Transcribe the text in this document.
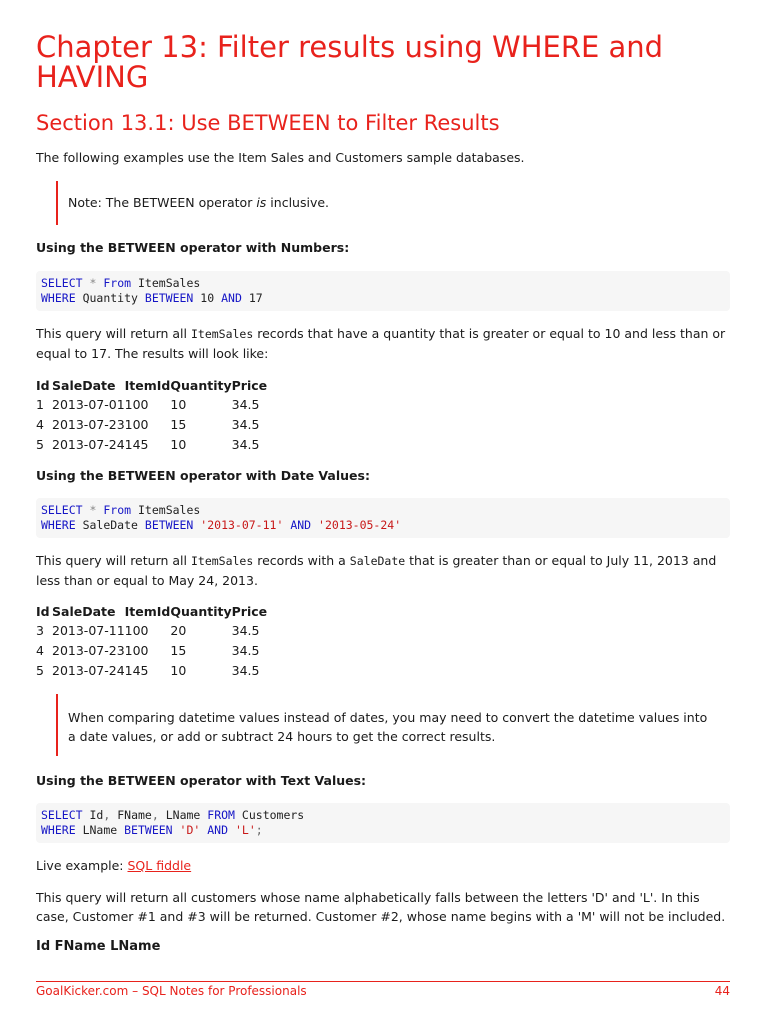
Chapter 13: Filter results using WHERE and HAVING
Section 13.1: Use BETWEEN to Filter Results

The following examples use the Item Sales and Customers sample databases.

Note: The BETWEEN operator is inclusive.

Using the BETWEEN operator with Numbers:

SELECT * From ItemSales
WHERE Quantity BETWEEN 10 AND 17

This query will return all ItemSales records that have a quantity that is greater or equal to 10 and less than or equal to 17. The results will look like:

Id	SaleDate	ItemId	Quantity	Price
1	2013-07-01	100	10	34.5
4	2013-07-23	100	15	34.5
5	2013-07-24	145	10	34.5

Using the BETWEEN operator with Date Values:

SELECT * From ItemSales
WHERE SaleDate BETWEEN '2013-07-11' AND '2013-05-24'

This query will return all ItemSales records with a SaleDate that is greater than or equal to July 11, 2013 and less than or equal to May 24, 2013.

Id	SaleDate	ItemId	Quantity	Price
3	2013-07-11	100	20	34.5
4	2013-07-23	100	15	34.5
5	2013-07-24	145	10	34.5

When comparing datetime values instead of dates, you may need to convert the datetime values into a date values, or add or subtract 24 hours to get the correct results.

Using the BETWEEN operator with Text Values:

SELECT Id, FName, LName FROM Customers
WHERE LName BETWEEN 'D' AND 'L';

Live example: SQL fiddle

This query will return all customers whose name alphabetically falls between the letters 'D' and 'L'. In this case, Customer #1 and #3 will be returned. Customer #2, whose name begins with a 'M' will not be included.

Id FName LName

GoalKicker.com – SQL Notes for Professionals	44
